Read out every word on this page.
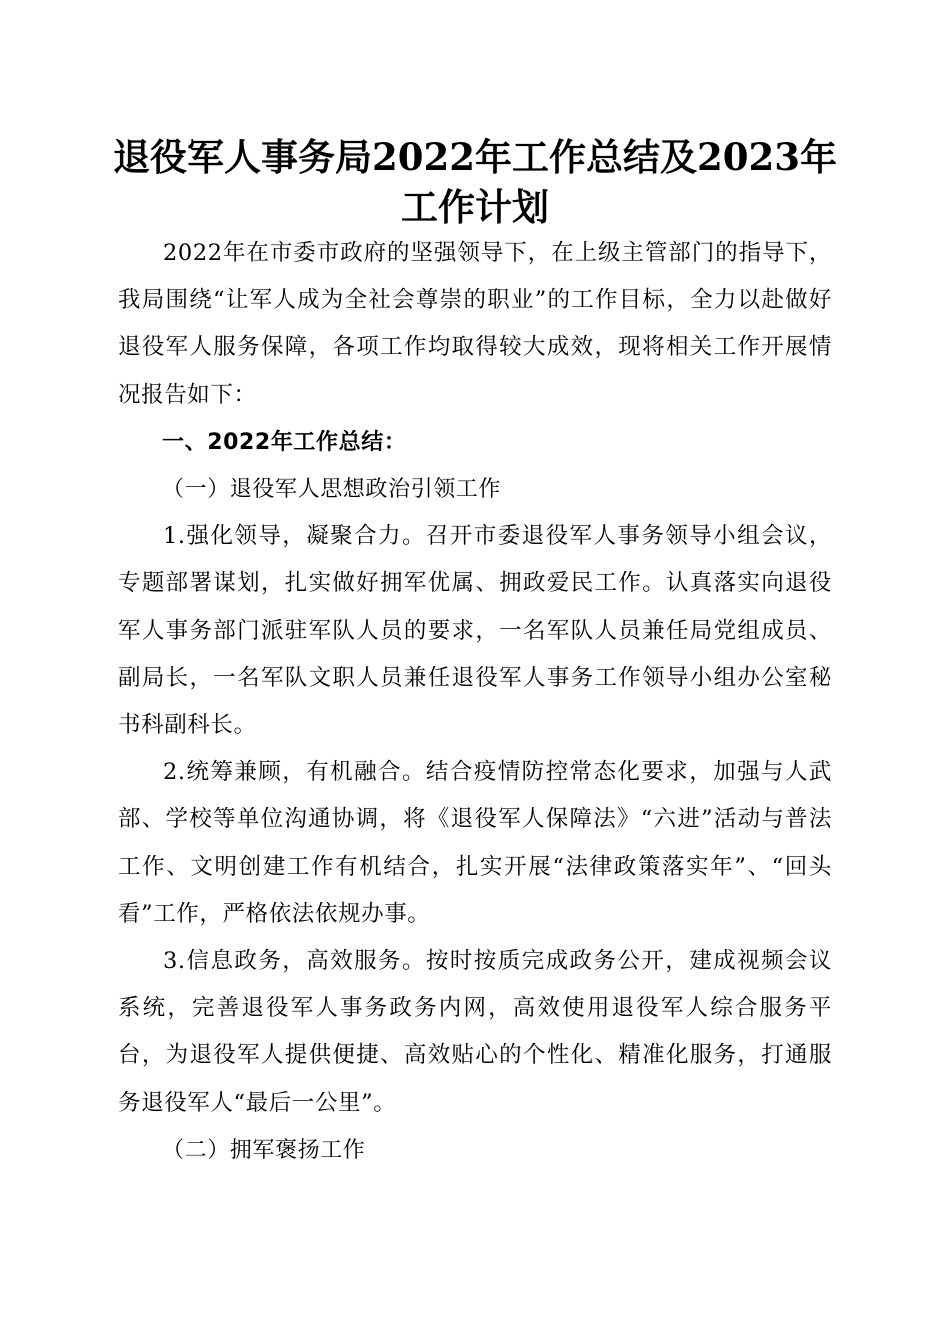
退役军人事务局2022年工作总结及2023年工作计划

2022年在市委市政府的坚强领导下，在上级主管部门的指导下，我局围绕“让军人成为全社会尊崇的职业”的工作目标，全力以赴做好退役军人服务保障，各项工作均取得较大成效，现将相关工作开展情况报告如下：

一、2022年工作总结：

（一）退役军人思想政治引领工作

1.强化领导，凝聚合力。召开市委退役军人事务领导小组会议，专题部署谋划，扎实做好拥军优属、拥政爱民工作。认真落实向退役军人事务部门派驻军队人员的要求，一名军队人员兼任局党组成员、副局长，一名军队文职人员兼任退役军人事务工作领导小组办公室秘书科副科长。

2.统筹兼顾，有机融合。结合疫情防控常态化要求，加强与人武部、学校等单位沟通协调，将《退役军人保障法》“六进”活动与普法工作、文明创建工作有机结合，扎实开展“法律政策落实年”、“回头看”工作，严格依法依规办事。

3.信息政务，高效服务。按时按质完成政务公开，建成视频会议系统，完善退役军人事务政务内网，高效使用退役军人综合服务平台，为退役军人提供便捷、高效贴心的个性化、精准化服务，打通服务退役军人“最后一公里”。

（二）拥军褒扬工作
